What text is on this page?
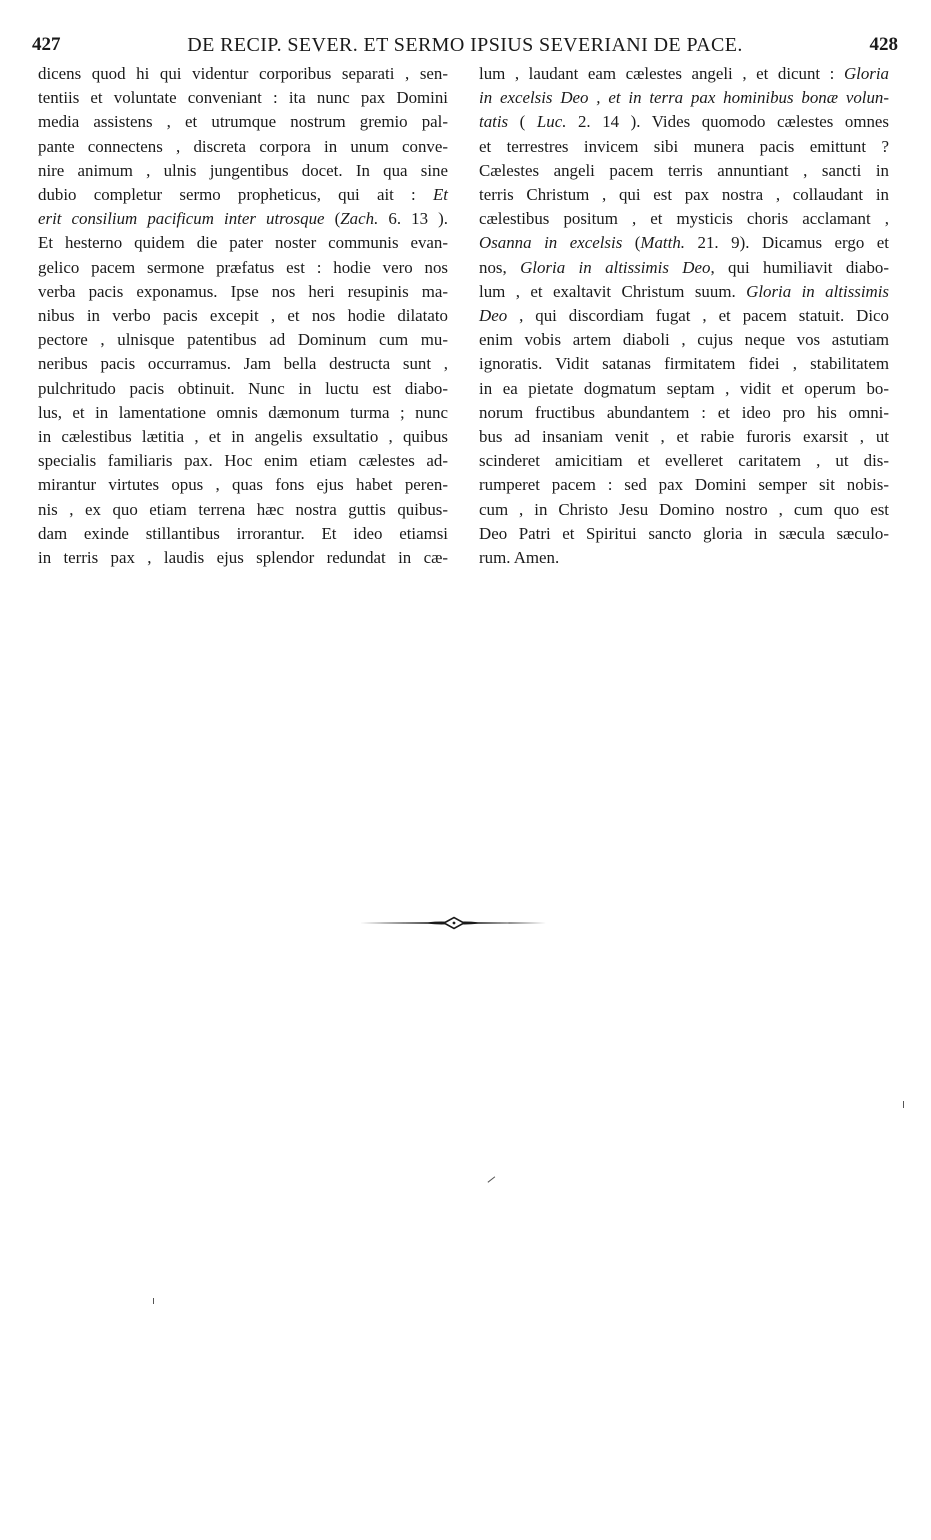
427	DE RECIP. SEVER. ET SERMO IPSIUS SEVERIANI DE PACE.	428
dicens quod hi qui videntur corporibus separati , sen-
tentiis et voluntate conveniant : ita nunc pax Domini
media assistens , et utrumque nostrum gremio pal-
pante connectens , discreta corpora in unum conve-
nire animum , ulnis jungentibus docet. In qua sine
dubio completur sermo propheticus, qui ait : Et
erit consilium pacificum inter utrosque (Zach. 6. 13 ).
Et hesterno quidem die pater noster communis evan-
gelico pacem sermone præfatus est : hodie vero nos
verba pacis exponamus. Ipse nos heri resupinis ma-
nibus in verbo pacis excepit , et nos hodie dilatato
pectore , ulnisque patentibus ad Dominum cum mu-
neribus pacis occurramus. Jam bella destructa sunt ,
pulchritudo pacis obtinuit. Nunc in luctu est diabo-
lus, et in lamentatione omnis dæmonum turma ; nunc
in cælestibus lætitia , et in angelis exsultatio , quibus
specialis familiaris pax. Hoc enim etiam cælestes ad-
mirantur virtutes opus , quas fons ejus habet peren-
nis , ex quo etiam terrena hæc nostra guttis quibus-
dam exinde stillantibus irrorantur. Et ideo etiamsi
in terris pax , laudis ejus splendor redundat in cæ-
lum , laudant eam cælestes angeli , et dicunt : Gloria
in excelsis Deo , et in terra pax hominibus bonæ volun-
tatis ( Luc. 2. 14 ). Vides quomodo cælestes omnes
et terrestres invicem sibi munera pacis emittunt ?
Cælestes angeli pacem terris annuntiant , sancti in
terris Christum , qui est pax nostra , collaudant in
cælestibus positum , et mysticis choris acclamant ,
Osanna in excelsis (Matth. 21. 9). Dicamus ergo et
nos, Gloria in altissimis Deo, qui humiliavit diabo-
lum , et exaltavit Christum suum. Gloria in altissimis
Deo , qui discordiam fugat , et pacem statuit. Dico
enim vobis artem diaboli , cujus neque vos astutiam
ignoratis. Vidit satanas firmitatem fidei , stabilitatem
in ea pietate dogmatum septam , vidit et operum bo-
norum fructibus abundantem : et ideo pro his omni-
bus ad insaniam venit , et rabie furoris exarsit , ut
scinderet amicitiam et evelleret caritatem , ut dis-
rumperet pacem : sed pax Domini semper sit nobis-
cum , in Christo Jesu Domino nostro , cum quo est
Deo Patri et Spiritui sancto gloria in sæcula sæculo-
rum. Amen.
